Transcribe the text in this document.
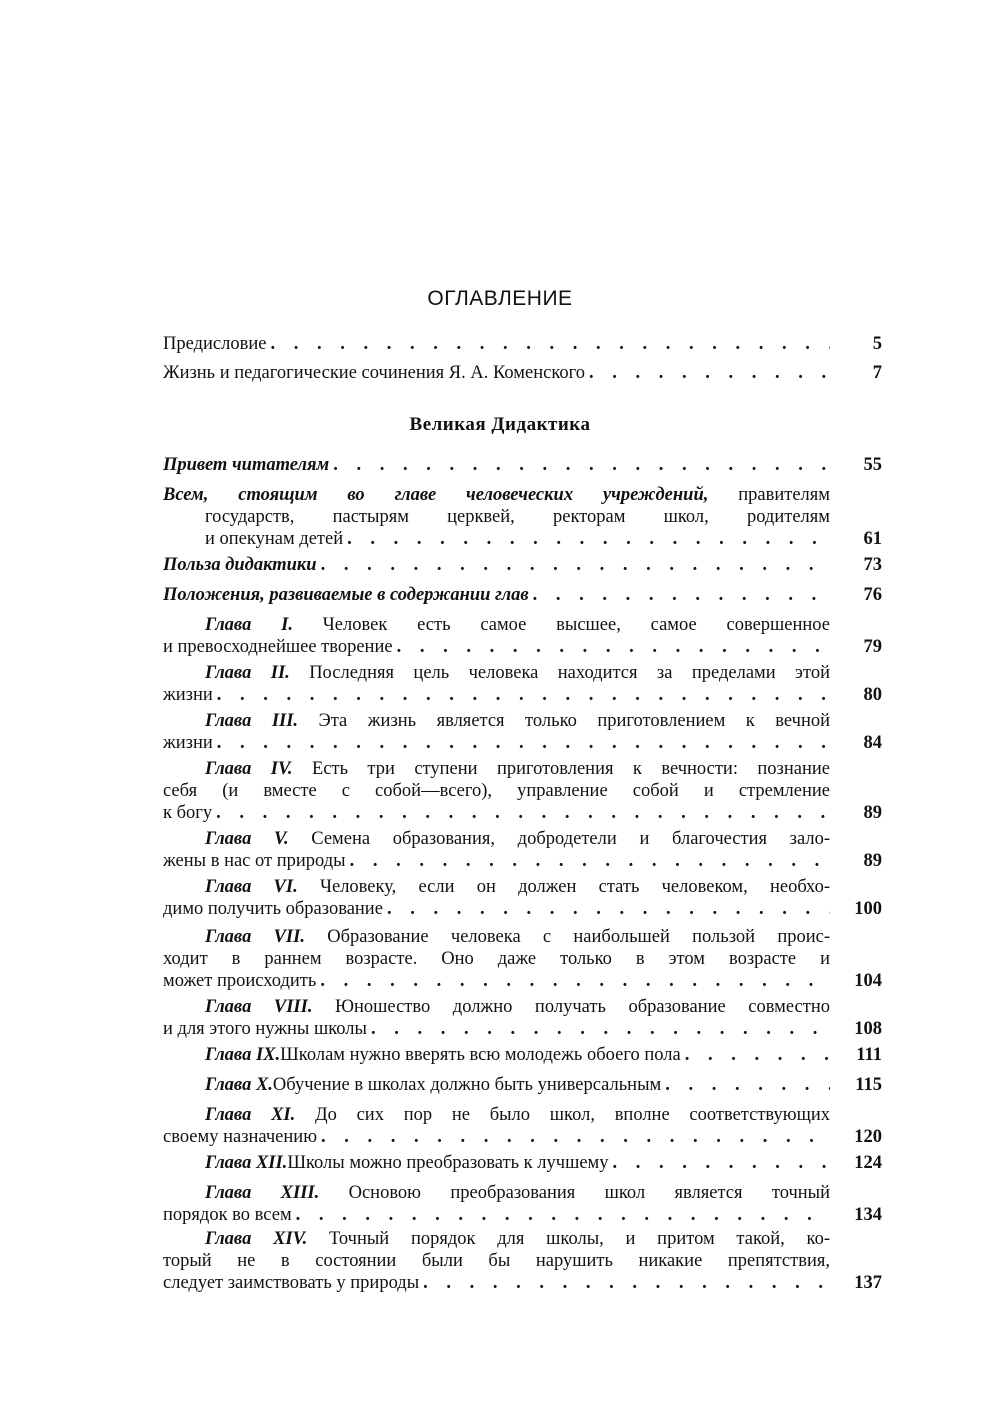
ОГЛАВЛЕНИЕ
Предисловие . . .	5
Жизнь и педагогические сочинения Я. А. Коменского . . .	7
Великая Дидактика
Привет читателям . . .	55
Всем, стоящим во главе человеческих учреждений, правителям
государств, пастырям церквей, ректорам школ, родителям
и опекунам детей . . .	61
Польза дидактики . . .	73
Положения, развиваемые в содержании глав . . .	76
Глава I. Человек есть самое высшее, самое совершенное
и превосходнейшее творение . . .	79
Глава II. Последняя цель человека находится за пределами этой
жизни . . .	80
Глава III. Эта жизнь является только приготовлением к вечной
жизни . . .	84
Глава IV. Есть три ступени приготовления к вечности: познание
себя (и вместе с собой—всего), управление собой и стремление
к богу . . .	89
Глава V. Семена образования, добродетели и благочестия зало-
жены в нас от природы . . .	89
Глава VI. Человеку, если он должен стать человеком, необхо-
димо получить образование . . .	100
Глава VII. Образование человека с наибольшей пользой проис-
ходит в раннем возрасте. Оно даже только в этом возрасте и
может происходить . . .	104
Глава VIII. Юношество должно получать образование совместно
и для этого нужны школы . . .	108
Глава IX. Школам нужно вверять всю молодежь обоего пола . . .	111
Глава X. Обучение в школах должно быть универсальным . . .	115
Глава XI. До сих пор не было школ, вполне соответствующих
своему назначению . . .	120
Глава XII. Школы можно преобразовать к лучшему . . .	124
Глава XIII. Основою преобразования школ является точный
порядок во всем . . .	134
Глава XIV. Точный порядок для школы, и притом такой, ко-
торый не в состоянии были бы нарушить никакие препятствия,
следует заимствовать у природы . . .	137
